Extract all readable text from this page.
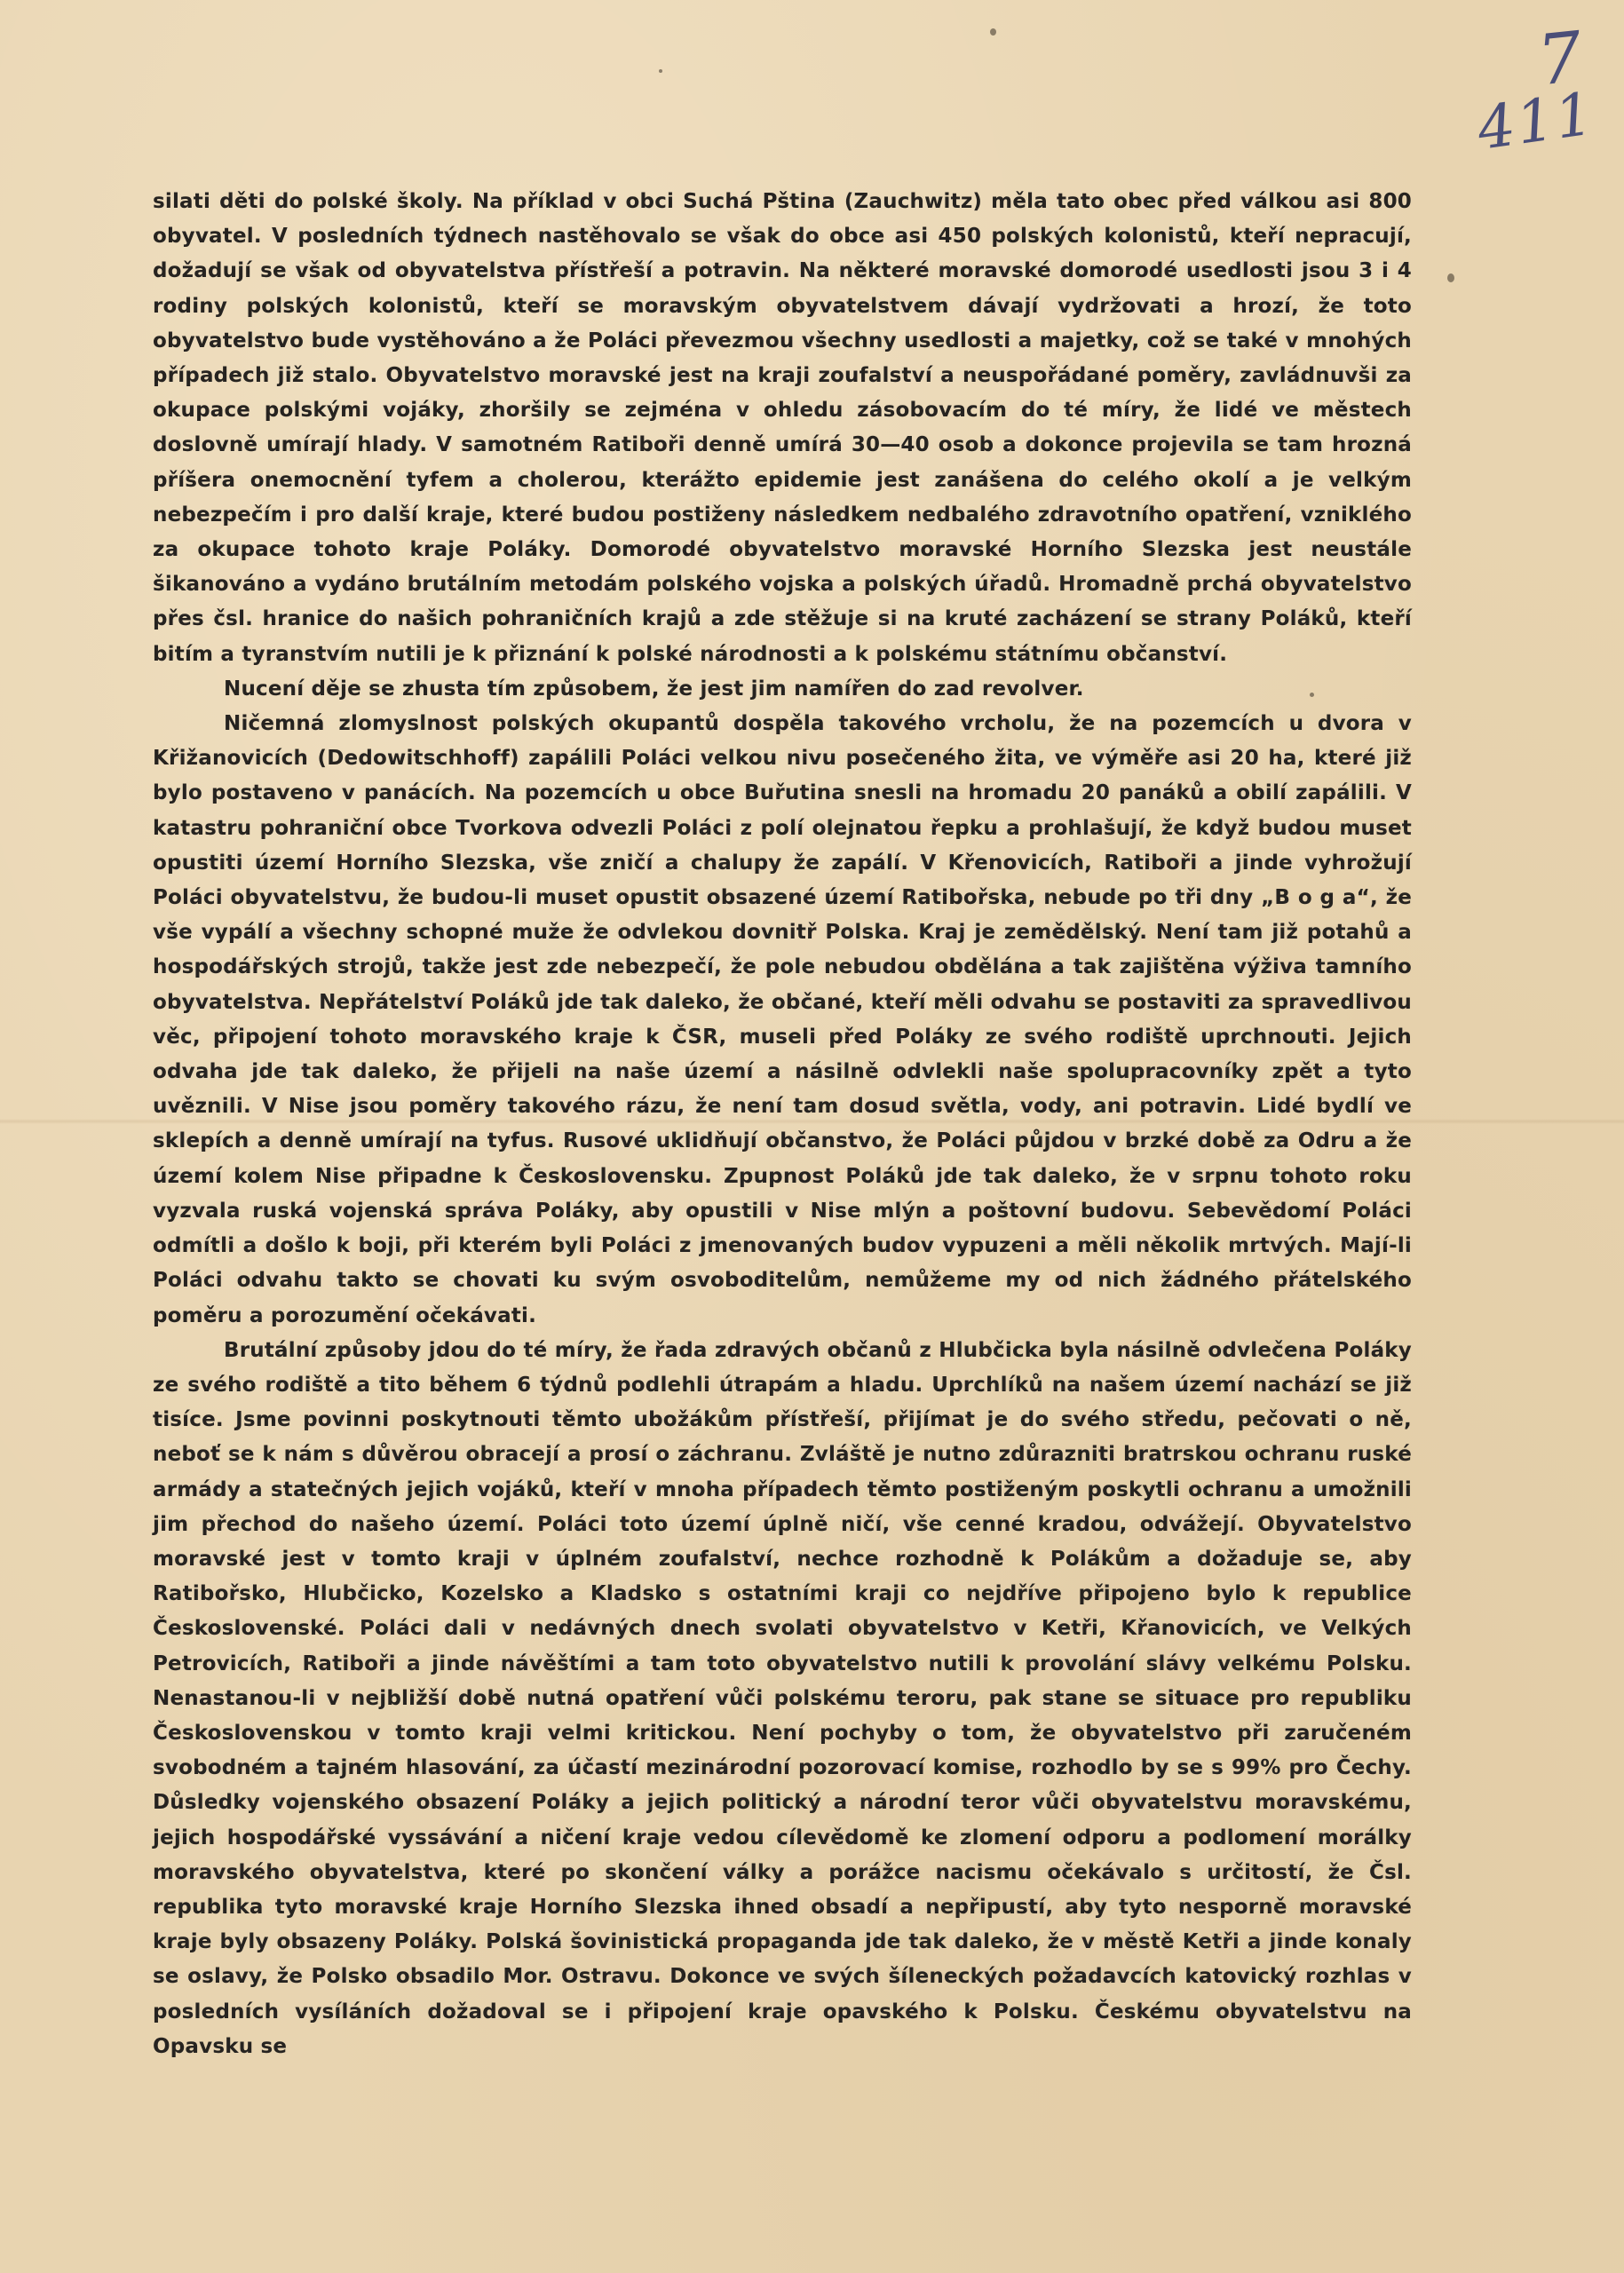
7
411

silati děti do polské školy. Na příklad v obci Suchá Pština (Zauchwitz) měla tato obec před válkou asi 800 obyvatel. V posledních týdnech nastěhovalo se však do obce asi 450 polských kolonistů, kteří nepracují, dožadují se však od obyvatelstva přístřeší a potravin. Na některé moravské domorodé usedlosti jsou 3 i 4 rodiny polských kolonistů, kteří se moravským obyvatelstvem dávají vydržovati a hrozí, že toto obyvatelstvo bude vystěhováno a že Poláci převezmou všechny usedlosti a majetky, což se také v mnohých případech již stalo. Obyvatelstvo moravské jest na kraji zoufalství a neuspořádané poměry, zavládnuvši za okupace polskými vojáky, zhoršily se zejména v ohledu zásobovacím do té míry, že lidé ve městech doslovně umírají hlady. V samotném Ratiboři denně umírá 30—40 osob a dokonce projevila se tam hrozná příšera onemocnění tyfem a cholerou, kterážto epidemie jest zanášena do celého okolí a je velkým nebezpečím i pro další kraje, které budou postiženy následkem nedbalého zdravotního opatření, vzniklého za okupace tohoto kraje Poláky. Domorodé obyvatelstvo moravské Horního Slezska jest neustále šikanováno a vydáno brutálním metodám polského vojska a polských úřadů. Hromadně prchá obyvatelstvo přes čsl. hranice do našich pohraničních krajů a zde stěžuje si na kruté zacházení se strany Poláků, kteří bitím a tyranstvím nutili je k přiznání k polské národnosti a k polskému státnímu občanství.

Nucení děje se zhusta tím způsobem, že jest jim namířen do zad revolver.

Ničemná zlomyslnost polských okupantů dospěla takového vrcholu, že na pozemcích u dvora v Křižanovicích (Dedowitschhoff) zapálili Poláci velkou nivu posečeného žita, ve výměře asi 20 ha, které již bylo postaveno v panácích. Na pozemcích u obce Buřutina snesli na hromadu 20 panáků a obilí zapálili. V katastru pohraniční obce Tvorkova odvezli Poláci z polí olejnatou řepku a prohlašují, že když budou muset opustiti území Horního Slezska, vše zničí a chalupy že zapálí. V Křenovicích, Ratiboři a jinde vyhrožují Poláci obyvatelstvu, že budou-li muset opustit obsazené území Ratibořska, nebude po tři dny „B o g a“, že vše vypálí a všechny schopné muže že odvlekou dovnitř Polska. Kraj je zemědělský. Není tam již potahů a hospodářských strojů, takže jest zde nebezpečí, že pole nebudou obdělána a tak zajištěna výživa tamního obyvatelstva. Nepřátelství Poláků jde tak daleko, že občané, kteří měli odvahu se postaviti za spravedlivou věc, připojení tohoto moravského kraje k ČSR, museli před Poláky ze svého rodiště uprchnouti. Jejich odvaha jde tak daleko, že přijeli na naše území a násilně odvlekli naše spolupracovníky zpět a tyto uvěznili. V Nise jsou poměry takového rázu, že není tam dosud světla, vody, ani potravin. Lidé bydlí ve sklepích a denně umírají na tyfus. Rusové uklidňují občanstvo, že Poláci půjdou v brzké době za Odru a že území kolem Nise připadne k Československu. Zpupnost Poláků jde tak daleko, že v srpnu tohoto roku vyzvala ruská vojenská správa Poláky, aby opustili v Nise mlýn a poštovní budovu. Sebevědomí Poláci odmítli a došlo k boji, při kterém byli Poláci z jmenovaných budov vypuzeni a měli několik mrtvých. Mají-li Poláci odvahu takto se chovati ku svým osvoboditelům, nemůžeme my od nich žádného přátelského poměru a porozumění očekávati.

Brutální způsoby jdou do té míry, že řada zdravých občanů z Hlubčicka byla násilně odvlečena Poláky ze svého rodiště a tito během 6 týdnů podlehli útrapám a hladu. Uprchlíků na našem území nachází se již tisíce. Jsme povinni poskytnouti těmto ubožákům přístřeší, přijímat je do svého středu, pečovati o ně, neboť se k nám s důvěrou obracejí a prosí o záchranu. Zvláště je nutno zdůrazniti bratrskou ochranu ruské armády a statečných jejich vojáků, kteří v mnoha případech těmto postiženým poskytli ochranu a umožnili jim přechod do našeho území. Poláci toto území úplně ničí, vše cenné kradou, odvážejí. Obyvatelstvo moravské jest v tomto kraji v úplném zoufalství, nechce rozhodně k Polákům a dožaduje se, aby Ratibořsko, Hlubčicko, Kozelsko a Kladsko s ostatními kraji co nejdříve připojeno bylo k republice Československé. Poláci dali v nedávných dnech svolati obyvatelstvo v Ketři, Křanovicích, ve Velkých Petrovicích, Ratiboři a jinde návěštími a tam toto obyvatelstvo nutili k provolání slávy velkému Polsku. Nenastanou-li v nejbližší době nutná opatření vůči polskému teroru, pak stane se situace pro republiku Československou v tomto kraji velmi kritickou. Není pochyby o tom, že obyvatelstvo při zaručeném svobodném a tajném hlasování, za účastí mezinárodní pozorovací komise, rozhodlo by se s 99% pro Čechy. Důsledky vojenského obsazení Poláky a jejich politický a národní teror vůči obyvatelstvu moravskému, jejich hospodářské vyssávání a ničení kraje vedou cílevědomě ke zlomení odporu a podlomení morálky moravského obyvatelstva, které po skončení války a porážce nacismu očekávalo s určitostí, že Čsl. republika tyto moravské kraje Horního Slezska ihned obsadí a nepřipustí, aby tyto nesporně moravské kraje byly obsazeny Poláky. Polská šovinistická propaganda jde tak daleko, že v městě Ketři a jinde konaly se oslavy, že Polsko obsadilo Mor. Ostravu. Dokonce ve svých šíleneckých požadavcích katovický rozhlas v posledních vysíláních dožadoval se i připojení kraje opavského k Polsku. Českému obyvatelstvu na Opavsku se
